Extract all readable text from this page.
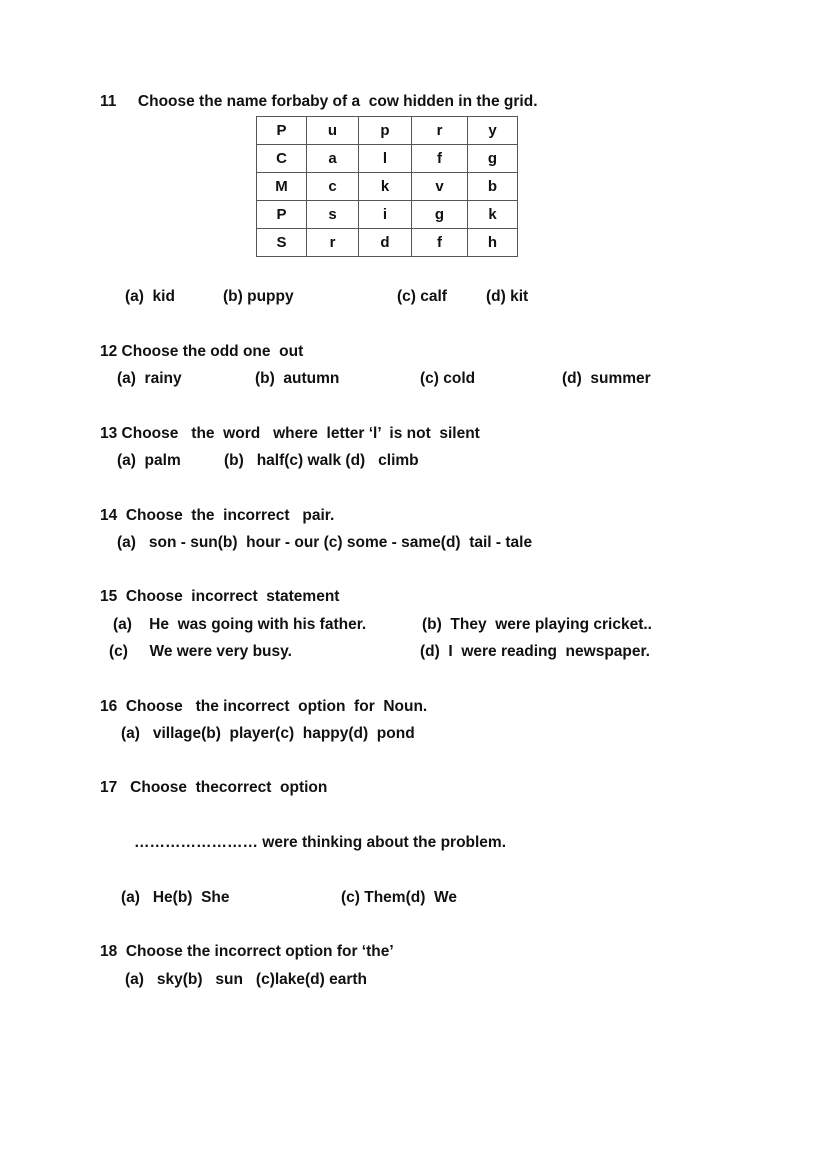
11     Choose the name forbaby of a  cow hidden in the grid.
P	u	p	r	y
C	a	l	f	g
M	c	k	v	b
P	s	i	g	k
S	r	d	f	h
(a)  kid	(b) puppy	(c) calf	(d) kit
12 Choose the odd one  out
(a)  rainy	(b)  autumn	(c) cold	(d)  summer
13 Choose   the  word   where  letter ‘l’  is not  silent
(a)  palm	(b)   half(c) walk (d)   climb
14  Choose  the  incorrect   pair.
(a)   son - sun(b)  hour - our (c) some - same(d)  tail - tale
15  Choose  incorrect  statement
(a)    He  was going with his father.	(b)  They  were playing cricket..
(c)     We were very busy.	(d)  I  were reading  newspaper.
16  Choose   the incorrect  option  for  Noun.
(a)   village(b)  player(c)  happy(d)  pond
17   Choose  thecorrect  option
…………………… were thinking about the problem.
(a)   He(b)  She	(c) Them(d)  We
18  Choose the incorrect option for ‘the’
(a)   sky(b)   sun   (c)lake(d) earth
